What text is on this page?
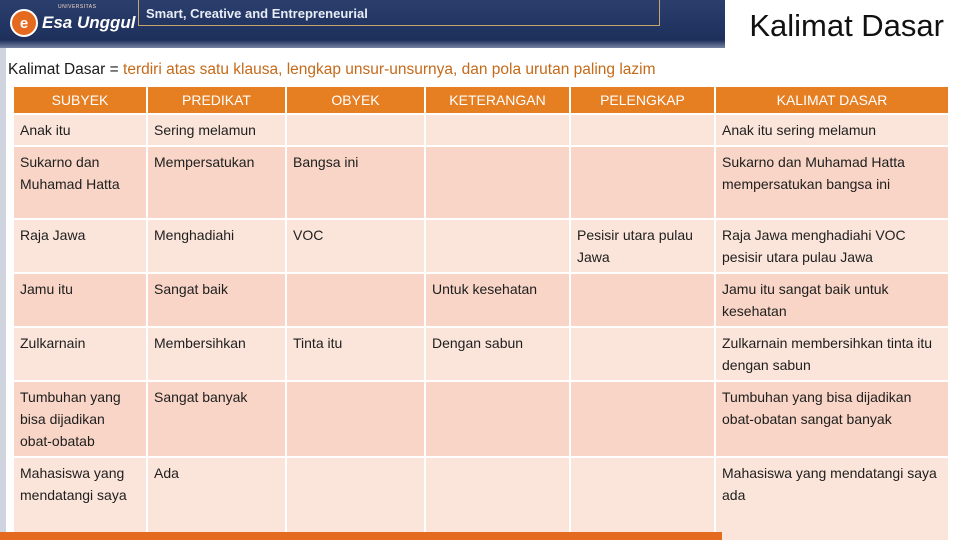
UNIVERSITAS
e Esa Unggul Smart, Creative and Entrepreneurial	Kalimat Dasar
Kalimat Dasar = terdiri atas satu klausa, lengkap unsur-unsurnya, dan pola urutan paling lazim
SUBYEK	PREDIKAT	OBYEK	KETERANGAN	PELENGKAP	KALIMAT DASAR
Anak itu	Sering melamun				Anak itu sering melamun
Sukarno dan Muhamad Hatta	Mempersatukan	Bangsa ini			Sukarno dan Muhamad Hatta mempersatukan bangsa ini
Raja Jawa	Menghadiahi	VOC		Pesisir utara pulau Jawa	Raja Jawa menghadiahi VOC pesisir utara pulau Jawa
Jamu itu	Sangat baik		Untuk kesehatan		Jamu itu sangat baik untuk kesehatan
Zulkarnain	Membersihkan	Tinta itu	Dengan sabun		Zulkarnain membersihkan tinta itu dengan sabun
Tumbuhan yang bisa dijadikan obat-obatab	Sangat banyak				Tumbuhan yang bisa dijadikan obat-obatan sangat banyak
Mahasiswa yang mendatangi saya	Ada				Mahasiswa yang mendatangi saya ada
